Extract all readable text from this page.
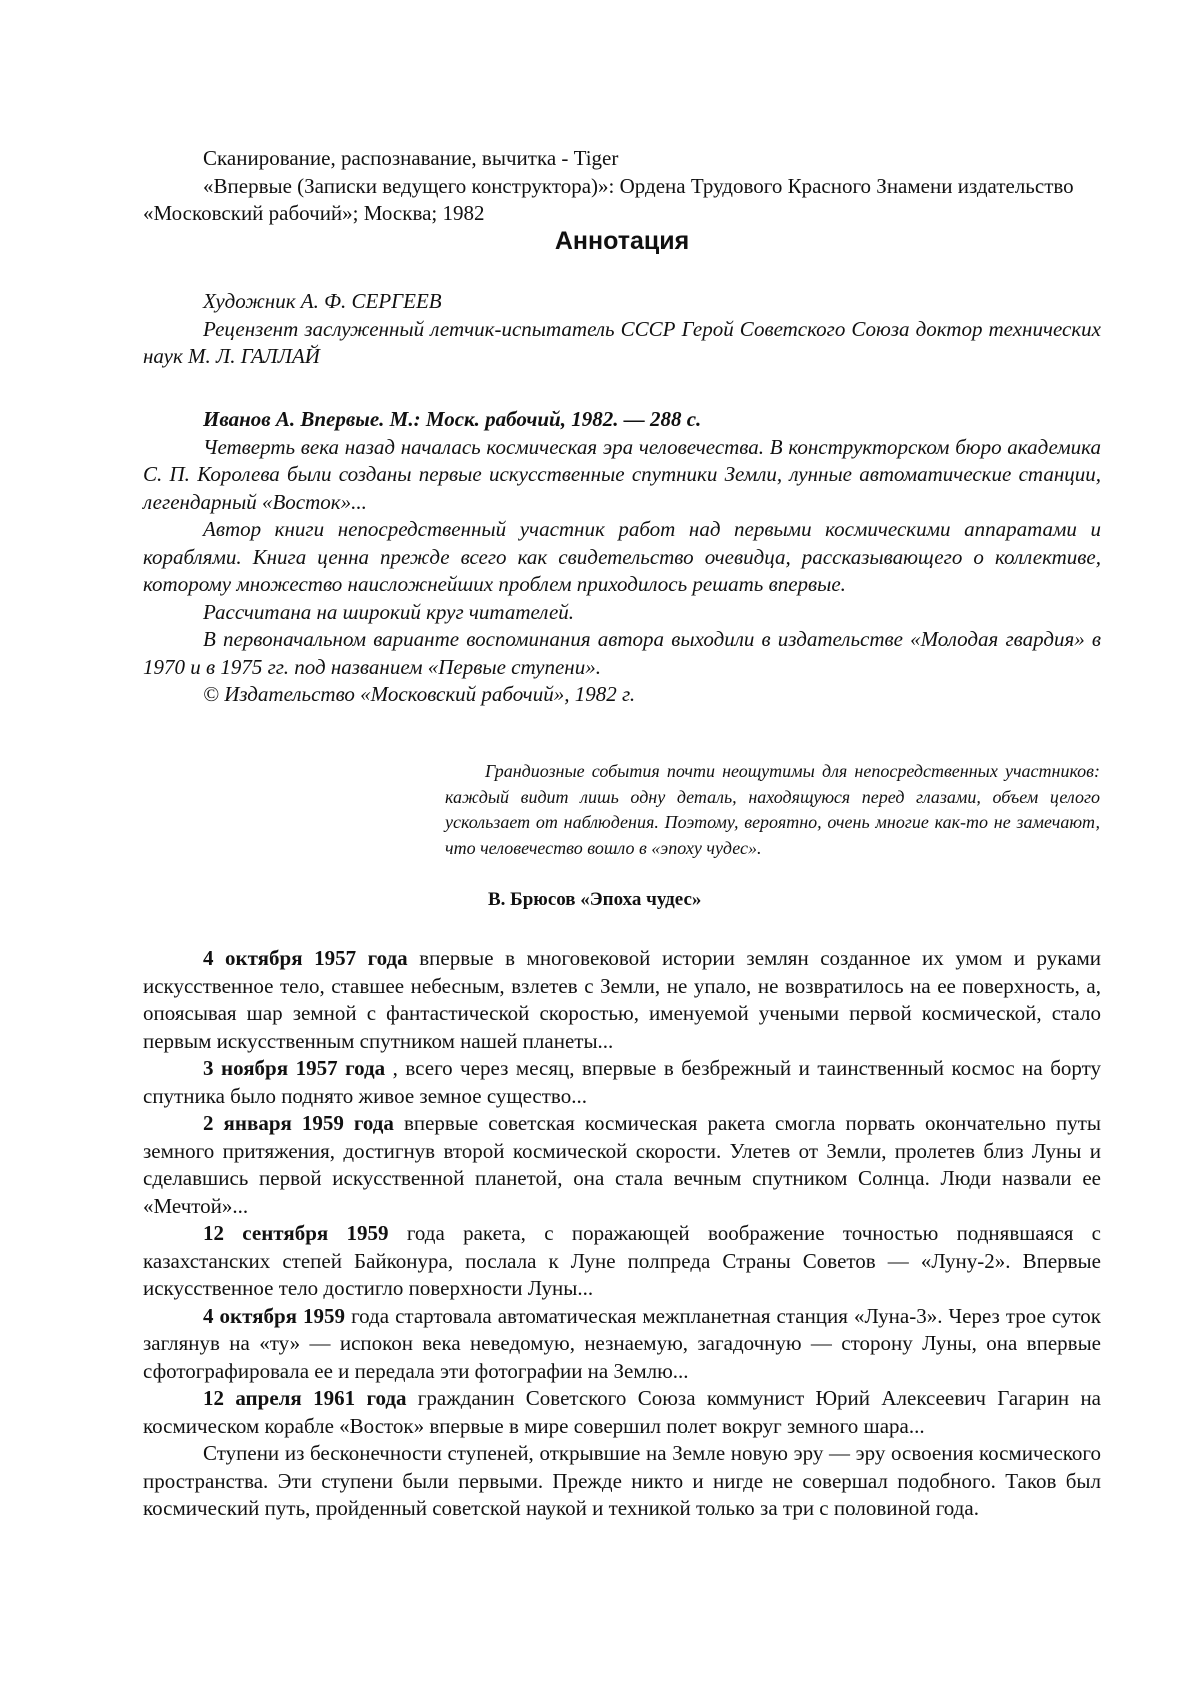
Сканирование, распознавание, вычитка - Tiger

«Впервые (Записки ведущего конструктора)»: Ордена Трудового Красного Знамени издательство «Московский рабочий»; Москва; 1982

Аннотация

Художник А. Ф. СЕРГЕЕВ

Рецензент заслуженный летчик-испытатель СССР Герой Советского Союза доктор технических наук М. Л. ГАЛЛАЙ

Иванов А. Впервые. М.: Моск. рабочий, 1982. — 288 с.

Четверть века назад началась космическая эра человечества. В конструкторском бюро академика С. П. Королева были созданы первые искусственные спутники Земли, лунные автоматические станции, легендарный «Восток»...

Автор книги непосредственный участник работ над первыми космическими аппаратами и кораблями. Книга ценна прежде всего как свидетельство очевидца, рассказывающего о коллективе, которому множество наисложнейших проблем приходилось решать впервые.

Рассчитана на широкий круг читателей.

В первоначальном варианте воспоминания автора выходили в издательстве «Молодая гвардия» в 1970 и в 1975 гг. под названием «Первые ступени».

© Издательство «Московский рабочий», 1982 г.

Грандиозные события почти неощутимы для непосредственных участников: каждый видит лишь одну деталь, находящуюся перед глазами, объем целого ускользает от наблюдения. Поэтому, вероятно, очень многие как-то не замечают, что человечество вошло в «эпоху чудес».

В. Брюсов «Эпоха чудес»

4 октября 1957 года впервые в многовековой истории землян созданное их умом и руками искусственное тело, ставшее небесным, взлетев с Земли, не упало, не возвратилось на ее поверхность, а, опоясывая шар земной с фантастической скоростью, именуемой учеными первой космической, стало первым искусственным спутником нашей планеты...

3 ноября 1957 года , всего через месяц, впервые в безбрежный и таинственный космос на борту спутника было поднято живое земное существо...

2 января 1959 года впервые советская космическая ракета смогла порвать окончательно путы земного притяжения, достигнув второй космической скорости. Улетев от Земли, пролетев близ Луны и сделавшись первой искусственной планетой, она стала вечным спутником Солнца. Люди назвали ее «Мечтой»...

12 сентября 1959 года ракета, с поражающей воображение точностью поднявшаяся с казахстанских степей Байконура, послала к Луне полпреда Страны Советов — «Луну-2». Впервые искусственное тело достигло поверхности Луны...

4 октября 1959 года стартовала автоматическая межпланетная станция «Луна-3». Через трое суток заглянув на «ту» — испокон века неведомую, незнаемую, загадочную — сторону Луны, она впервые сфотографировала ее и передала эти фотографии на Землю...

12 апреля 1961 года гражданин Советского Союза коммунист Юрий Алексеевич Гагарин на космическом корабле «Восток» впервые в мире совершил полет вокруг земного шара...

Ступени из бесконечности ступеней, открывшие на Земле новую эру — эру освоения космического пространства. Эти ступени были первыми. Прежде никто и нигде не совершал подобного. Таков был космический путь, пройденный советской наукой и техникой только за три с половиной года.
